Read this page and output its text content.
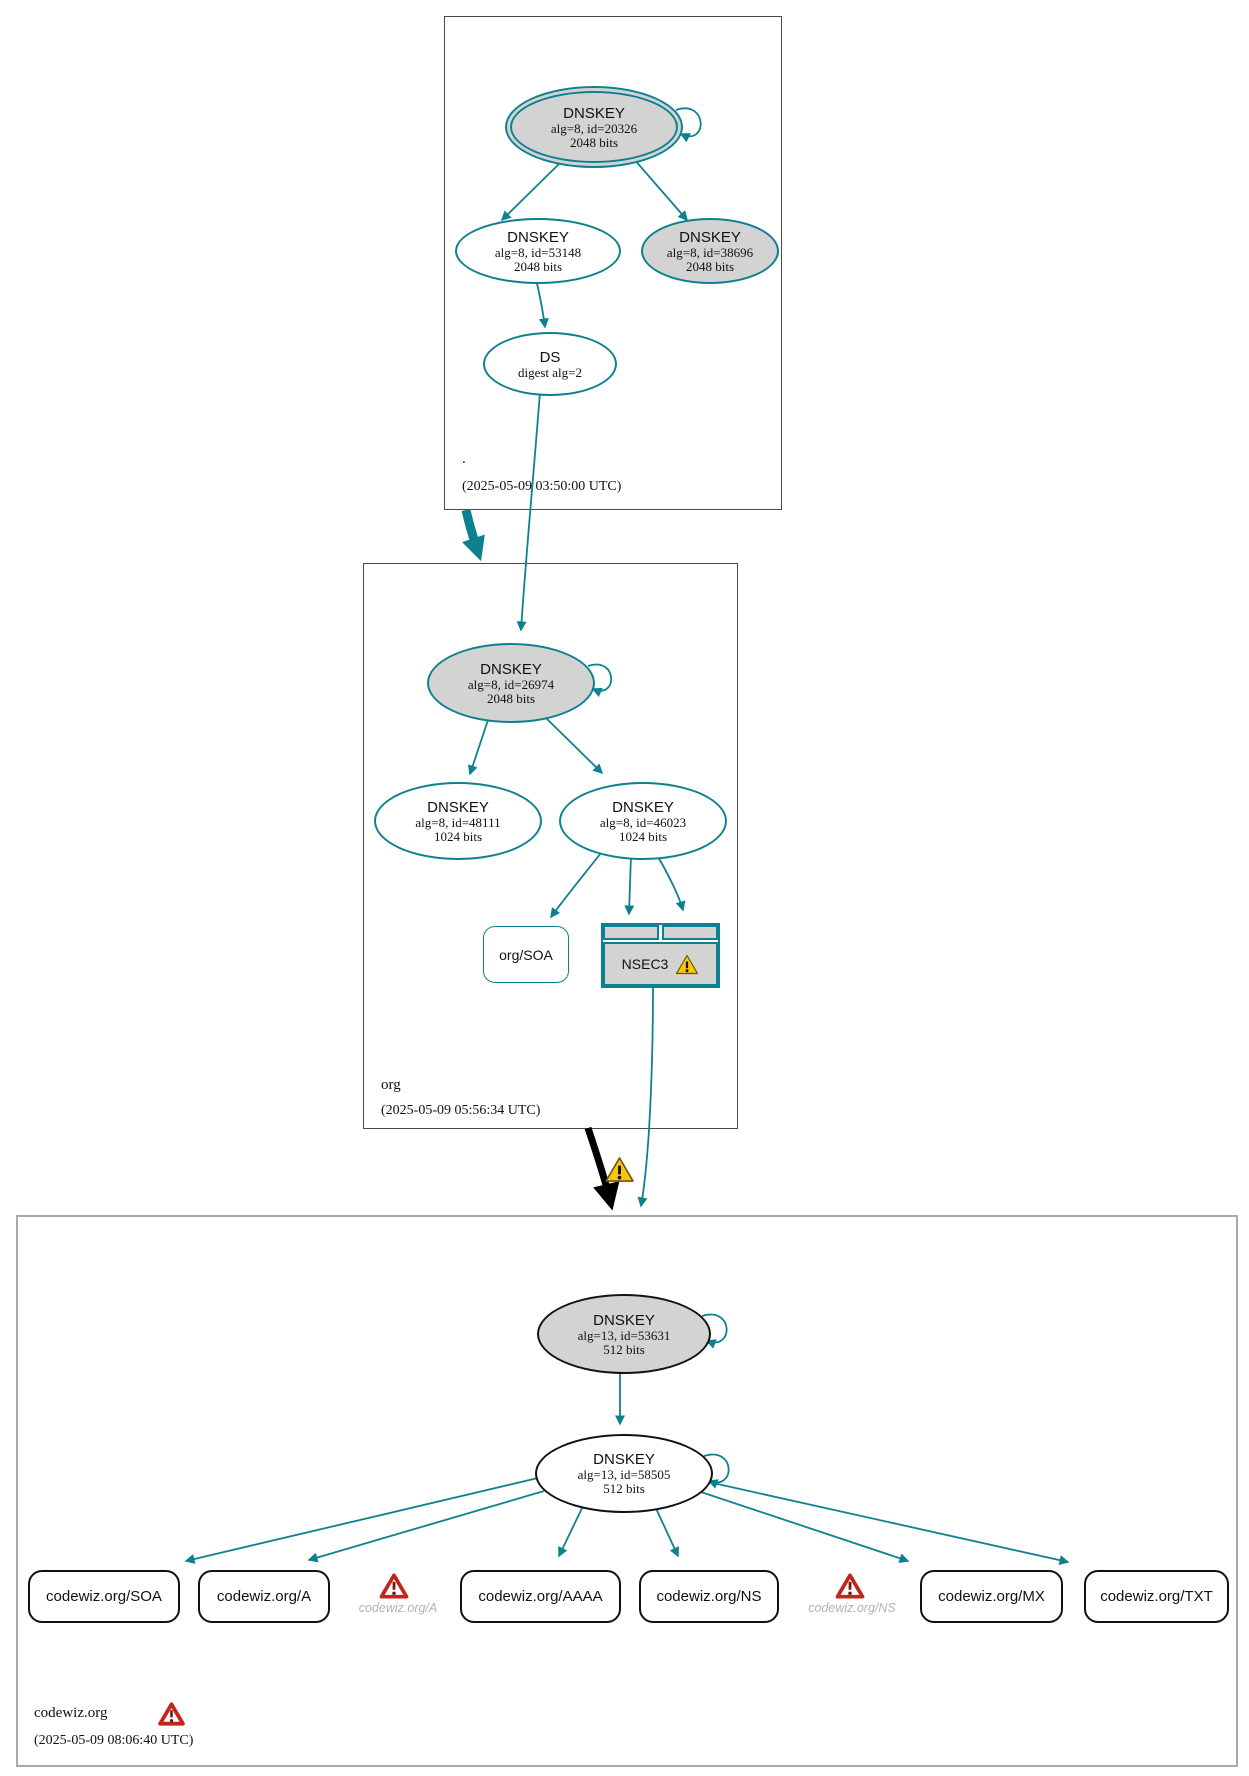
DNSKEY
alg=8, id=20326
2048 bits
DNSKEY
alg=8, id=53148
2048 bits
DNSKEY
alg=8, id=38696
2048 bits
DS
digest alg=2
.
(2025-05-09 03:50:00 UTC)
DNSKEY
alg=8, id=26974
2048 bits
DNSKEY
alg=8, id=48111
1024 bits
DNSKEY
alg=8, id=46023
1024 bits
org/SOA
NSEC3
org
(2025-05-09 05:56:34 UTC)
DNSKEY
alg=13, id=53631
512 bits
DNSKEY
alg=13, id=58505
512 bits
codewiz.org/SOA	codewiz.org/A
codewiz.org/A
codewiz.org/AAAA	codewiz.org/NS
codewiz.org/NS
codewiz.org/MX	codewiz.org/TXT
codewiz.org
(2025-05-09 08:06:40 UTC)
